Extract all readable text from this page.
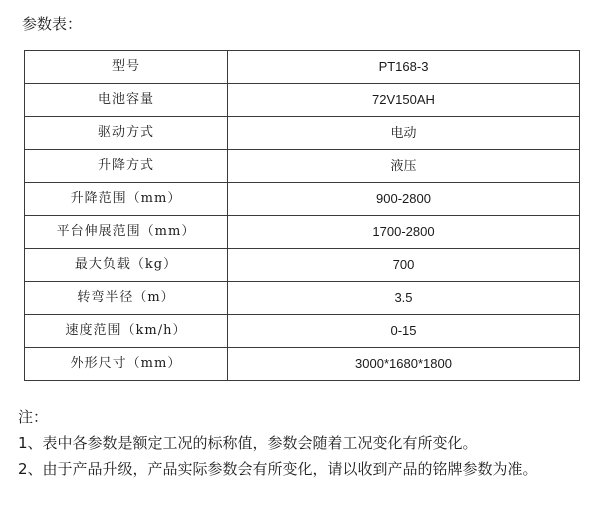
参数表：
型号	PT168-3
电池容量	72V150AH
驱动方式	电动
升降方式	液压
升降范围（mm）	900-2800
平台伸展范围（mm）	1700-2800
最大负载（kg）	700
转弯半径（m）	3.5
速度范围（km/h）	0-15
外形尺寸（mm）	3000*1680*1800
注：
1、表中各参数是额定工况的标称值，参数会随着工况变化有所变化。
2、由于产品升级，产品实际参数会有所变化，请以收到产品的铭牌参数为准。
